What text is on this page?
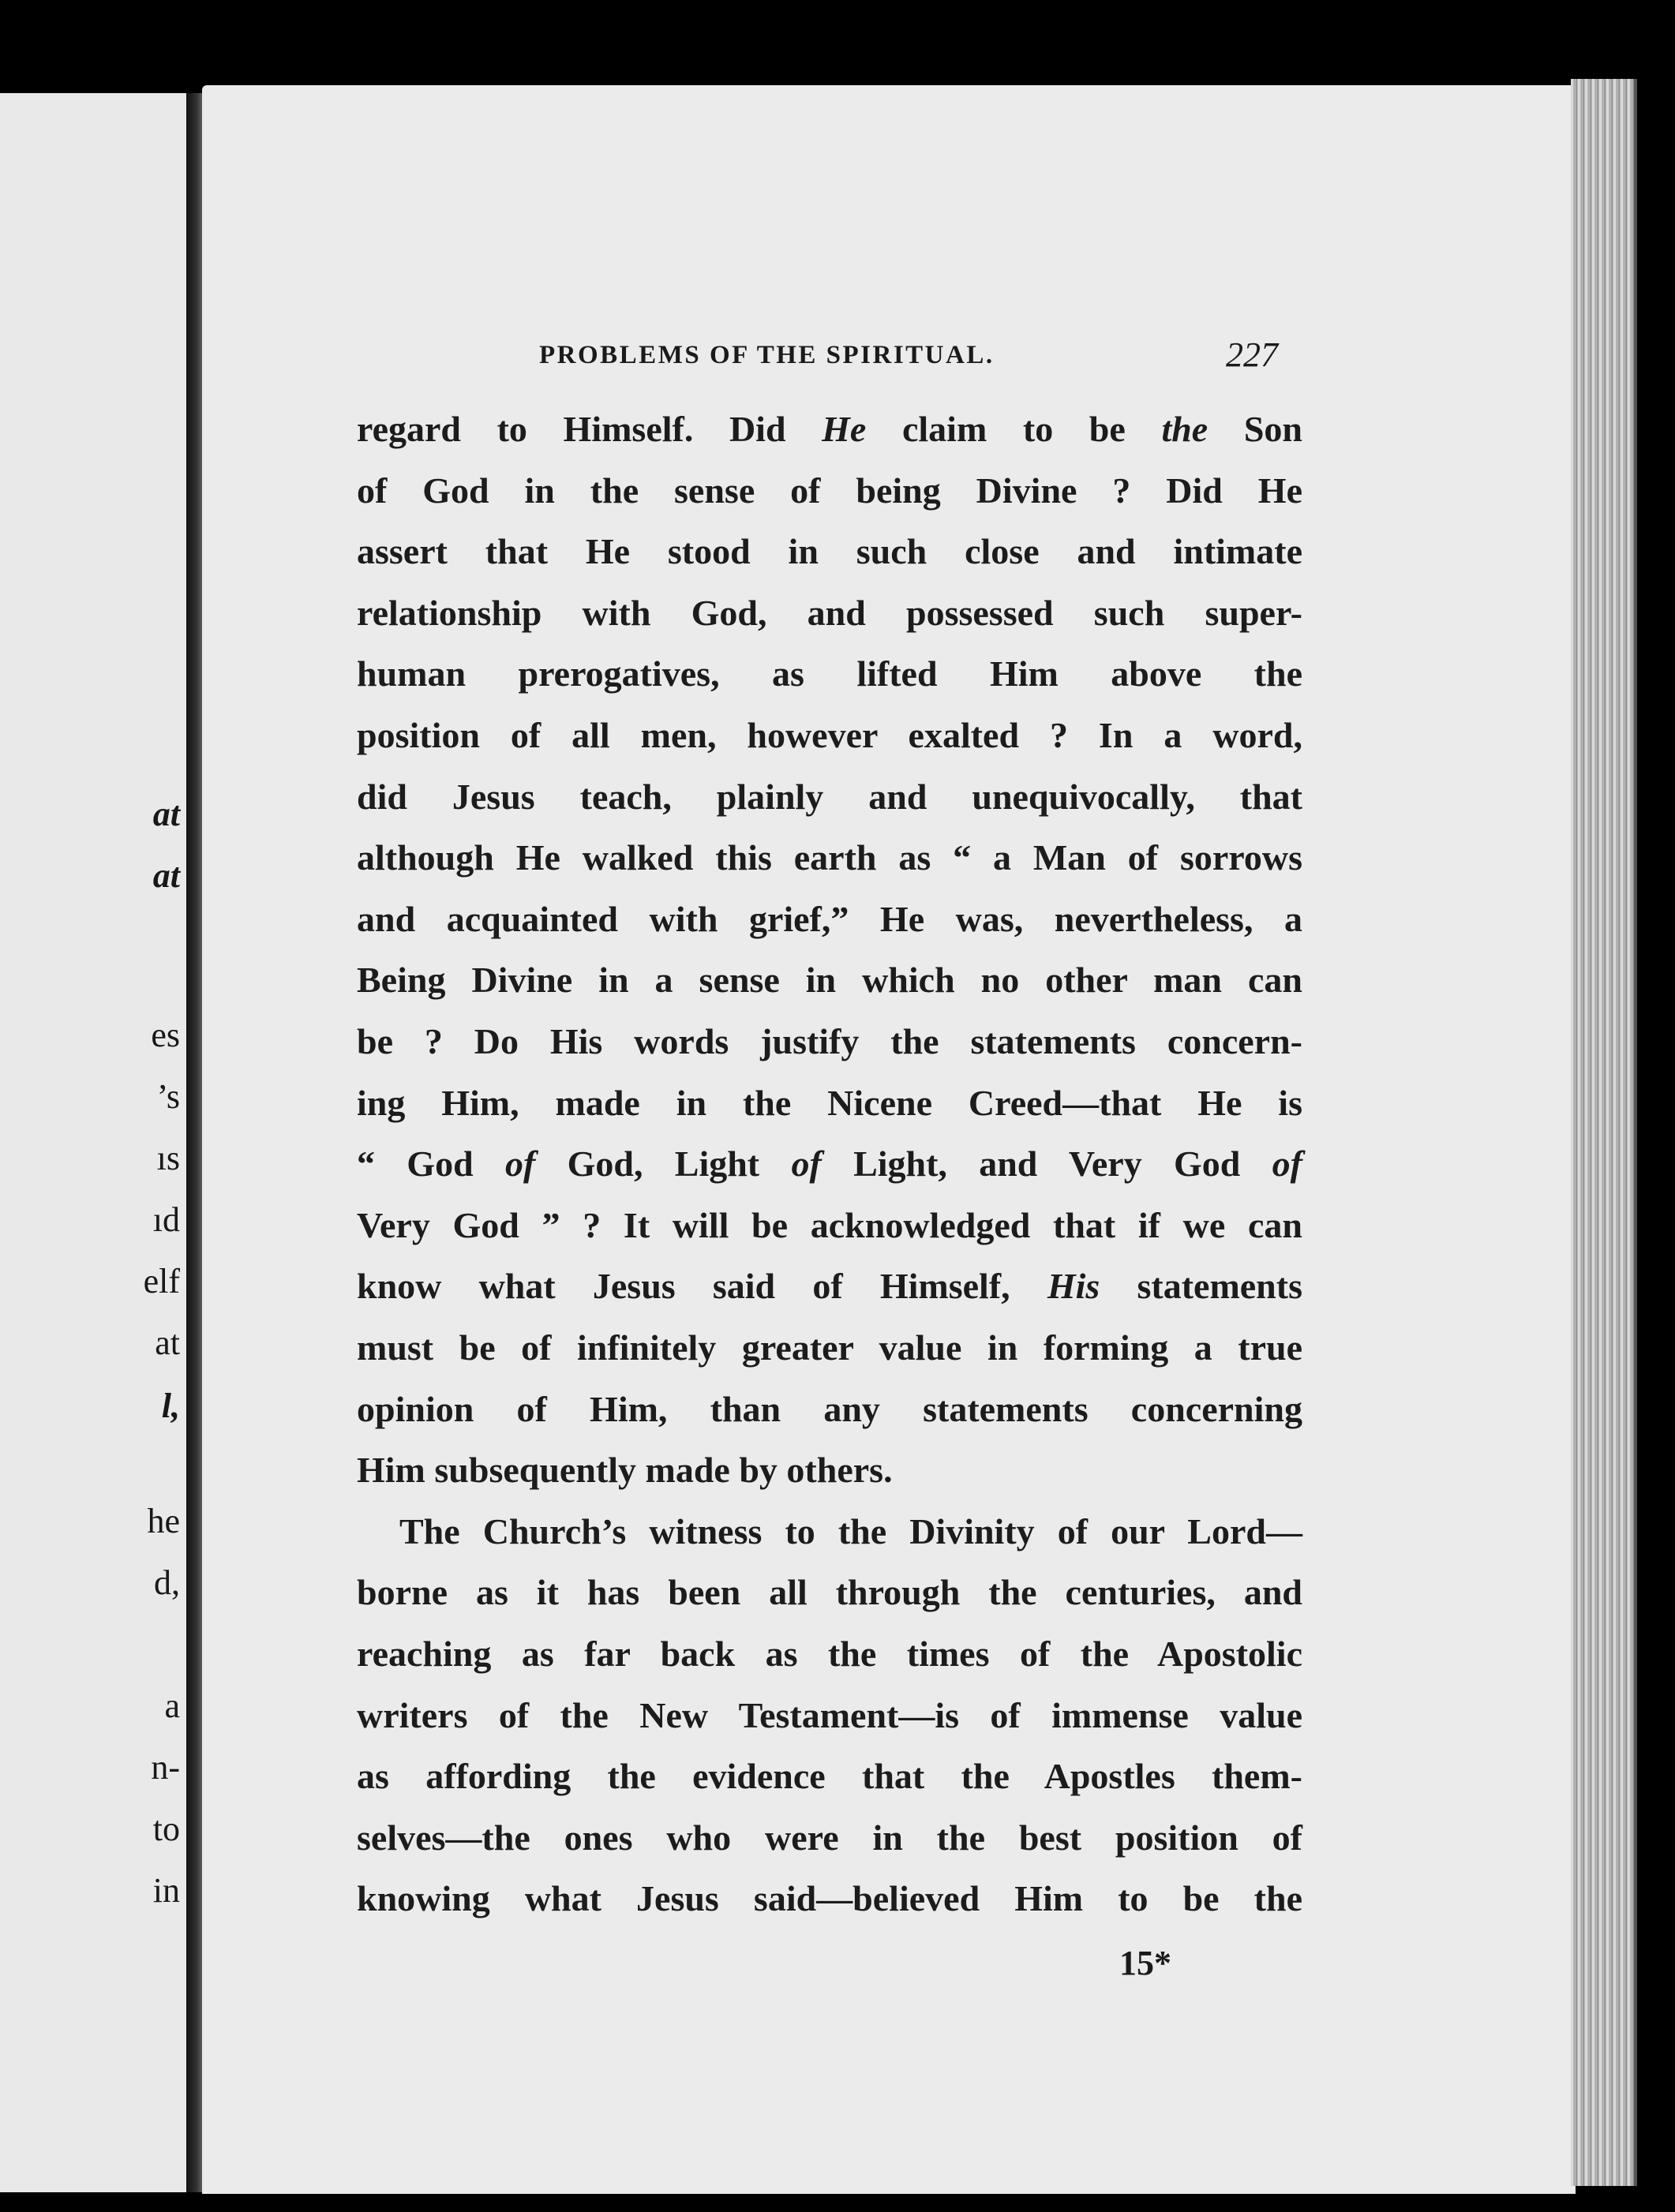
at
at
es
’s
ıs
ıd
elf
at
l,
he
d,
a
n-
to
in
PROBLEMS OF THE SPIRITUAL.	227
regard to Himself. Did He claim to be the Son
of God in the sense of being Divine ? Did He
assert that He stood in such close and intimate
relationship with God, and possessed such super-
human prerogatives, as lifted Him above the
position of all men, however exalted ? In a word,
did Jesus teach, plainly and unequivocally, that
although He walked this earth as “ a Man of sorrows
and acquainted with grief,” He was, nevertheless, a
Being Divine in a sense in which no other man can
be ? Do His words justify the statements concern-
ing Him, made in the Nicene Creed—that He is
“ God of God, Light of Light, and Very God of
Very God ” ? It will be acknowledged that if we can
know what Jesus said of Himself, His statements
must be of infinitely greater value in forming a true
opinion of Him, than any statements concerning
Him subsequently made by others.
The Church’s witness to the Divinity of our Lord—
borne as it has been all through the centuries, and
reaching as far back as the times of the Apostolic
writers of the New Testament—is of immense value
as affording the evidence that the Apostles them-
selves—the ones who were in the best position of
knowing what Jesus said—believed Him to be the
15*
